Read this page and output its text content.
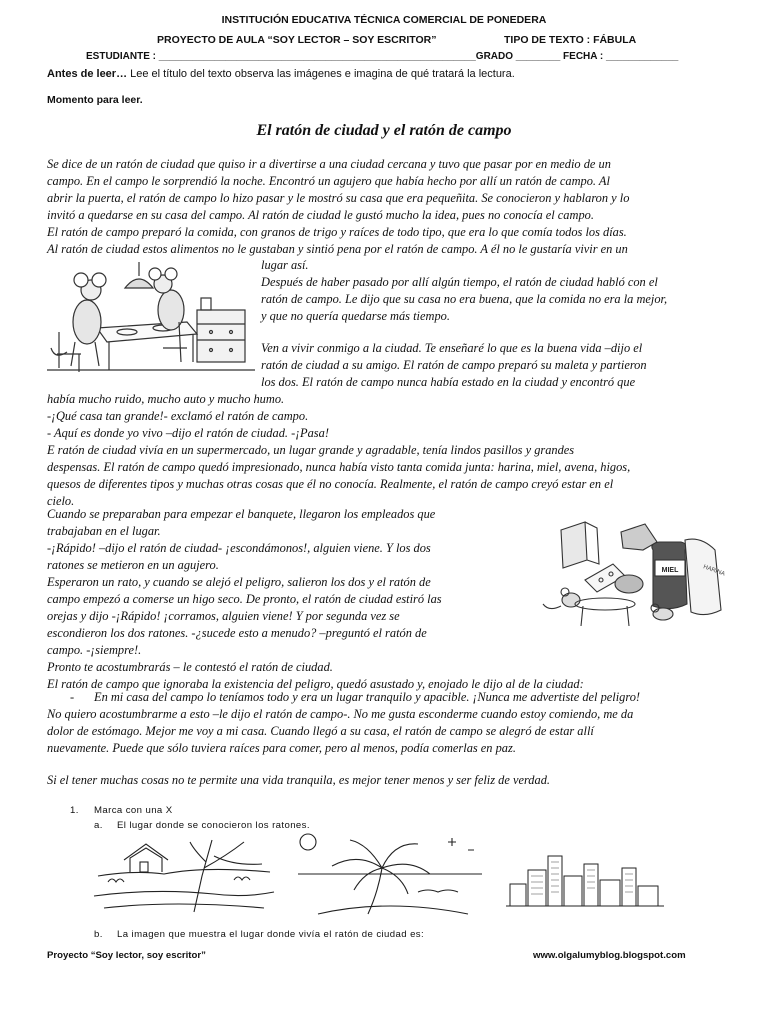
INSTITUCIÓN EDUCATIVA TÉCNICA COMERCIAL DE PONEDERA
PROYECTO DE AULA “SOY LECTOR – SOY ESCRITOR”	TIPO DE TEXTO : FÁBULA
ESTUDIANTE : _________________________________________________________GRADO ________ FECHA : _____________
Antes de leer… Lee el título del texto observa las imágenes e imagina de qué tratará la lectura.
Momento para leer.
El ratón de ciudad y el ratón de campo

Se dice de un ratón de ciudad que quiso ir a divertirse a una ciudad cercana y tuvo que pasar por en medio de un

campo. En el campo le sorprendió la noche. Encontró un agujero que había hecho por allí un ratón de campo. Al

abrir la puerta, el ratón de campo lo hizo pasar y le mostró su casa que era pequeñita. Se conocieron y hablaron y lo

invitó a quedarse en su casa del campo. Al ratón de ciudad le gustó mucho la idea, pues no conocía el campo.

El ratón de campo preparó la comida, con granos de trigo y raíces de todo tipo, que era lo que comía todos los días.

Al ratón de ciudad estos alimentos no le gustaban y sintió pena por el ratón de campo. A él no le gustaría vivir en un

lugar así.

Después de haber pasado por allí algún tiempo, el ratón de ciudad habló con el

ratón de campo. Le dijo que su casa no era buena, que la comida no era la mejor,

y que no quería quedarse más tiempo.

Ven a vivir conmigo a la ciudad. Te enseñaré lo que es la buena vida –dijo el

ratón de ciudad a su amigo. El ratón de campo preparó su maleta y partieron

los dos. El ratón de campo nunca había estado en la ciudad y encontró que

había mucho ruido, mucho auto y mucho humo.

-¡Qué casa tan grande!- exclamó el ratón de campo.

- Aquí es donde yo vivo –dijo el ratón de ciudad. -¡Pasa!

E ratón de ciudad vivía en un supermercado, un lugar grande y agradable, tenía lindos pasillos y grandes

despensas. El ratón de campo quedó impresionado, nunca había visto tanta comida junta: harina, miel, avena, higos,

quesos de diferentes tipos y muchas otras cosas que él no conocía. Realmente, el ratón de campo creyó estar en el

cielo.

Cuando se preparaban para empezar el banquete, llegaron los empleados que

trabajaban en el lugar.

-¡Rápido! –dijo el ratón de ciudad- ¡escondámonos!, alguien viene. Y los dos

ratones se metieron en un agujero.

Esperaron un rato, y cuando se alejó el peligro, salieron los dos y el ratón de

campo empezó a comerse un higo seco. De pronto, el ratón de ciudad estiró las

orejas y dijo -¡Rápido! ¡corramos, alguien viene! Y por segunda vez se

escondieron los dos ratones. -¿sucede esto a menudo? –preguntó el ratón de

campo. -¡siempre!.

Pronto te acostumbrarás – le contestó el ratón de ciudad.

El ratón de campo que ignoraba la existencia del peligro, quedó asustado y, enojado le dijo al de la ciudad:

MIEL	HARINA
- En mi casa del campo lo teníamos todo y era un lugar tranquilo y apacible. ¡Nunca me advertiste del peligro!

No quiero acostumbrarme a esto –le dijo el ratón de campo-. No me gusta esconderme cuando estoy comiendo, me da

dolor de estómago. Mejor me voy a mi casa. Cuando llegó a su casa, el ratón de campo se alegró de estar allí

nuevamente. Puede que sólo tuviera raíces para comer, pero al menos, podía comerlas en paz.

Si el tener muchas cosas no te permite una vida tranquila, es mejor tener menos y ser feliz de verdad.
1. Marca con una X
a. El lugar donde se conocieron los ratones.
b. La imagen que muestra el lugar donde vivía el ratón de ciudad es:
Proyecto “Soy lector, soy escritor”	www.olgalumyblog.blogspot.com
